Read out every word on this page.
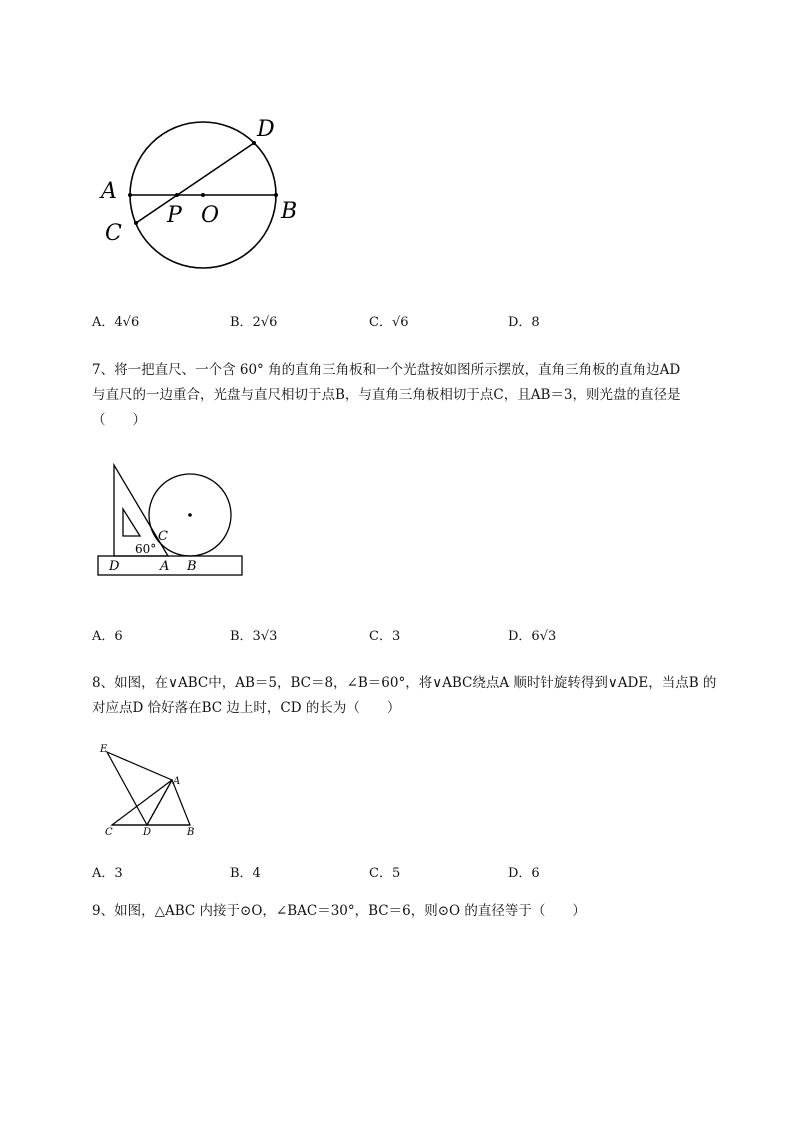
A
C
D
B
P O
A．4√6	B．2√6	C．√6	D．8

7、将一把直尺、一个含 60° 角的直角三角板和一个光盘按如图所示摆放，直角三角板的直角边AD

与直尺的一边重合，光盘与直尺相切于点B，与直角三角板相切于点C，且AB＝3，则光盘的直径是

（　　）

C
60°
D	A B
A．6	B．3√3	C．3	D．6√3

8、如图，在∨ABC中，AB＝5，BC＝8，∠B＝60°，将∨ABC绕点A 顺时针旋转得到∨ADE，当点B 的

对应点D 恰好落在BC 边上时，CD 的长为（　　）

E
A
C	D	B
A．3	B．4	C．5	D．6

9、如图，△ABC 内接于⊙O，∠BAC＝30°，BC＝6，则⊙O 的直径等于（　　）
